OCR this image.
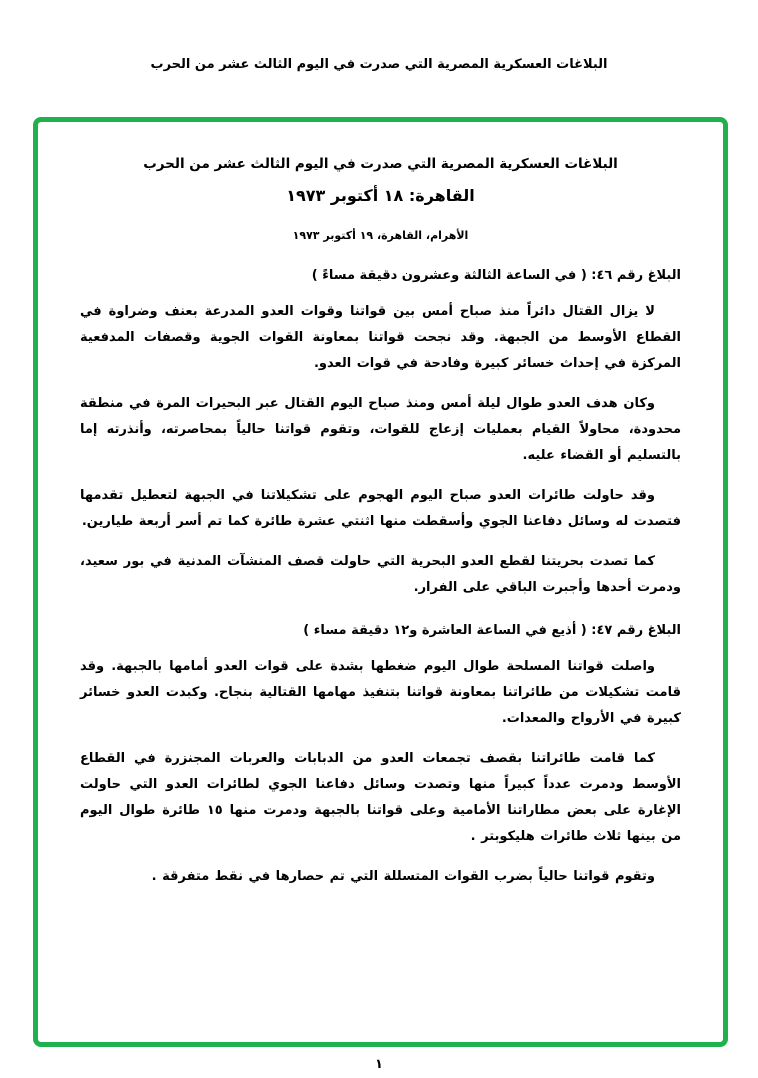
البلاغات العسكرية المصرية التي صدرت في اليوم الثالث عشر من الحرب
البلاغات العسكرية المصرية التي صدرت في اليوم الثالث عشر من الحرب
القاهرة: ١٨ أكتوبر ١٩٧٣
الأهرام، القاهرة، ١٩ أكتوبر ١٩٧٣
البلاغ رقم ٤٦: ( في الساعة الثالثة وعشرون دقيقة مساءً )

لا يزال القتال دائراً منذ صباح أمس بين قواتنا وقوات العدو المدرعة بعنف وضراوة في القطاع الأوسط من الجبهة. وقد نجحت قواتنا بمعاونة القوات الجوية وقصفات المدفعية المركزة في إحداث خسائر كبيرة وفادحة في قوات العدو.

وكان هدف العدو طوال ليلة أمس ومنذ صباح اليوم القتال عبر البحيرات المرة في منطقة محدودة، محاولاً القيام بعمليات إزعاج للقوات، وتقوم قواتنا حالياً بمحاصرته، وأنذرته إما بالتسليم أو القضاء عليه.

وقد حاولت طائرات العدو صباح اليوم الهجوم على تشكيلاتنا في الجبهة لتعطيل تقدمها فتصدت له وسائل دفاعنا الجوي وأسقطت منها اثنتي عشرة طائرة كما تم أسر أربعة طيارين.

كما تصدت بحريتنا لقطع العدو البحرية التي حاولت قصف المنشآت المدنية في بور سعيد، ودمرت أحدها وأجبرت الباقي على الفرار.

البلاغ رقم ٤٧: ( أذيع في الساعة العاشرة و١٢ دقيقة مساء )

واصلت قواتنا المسلحة طوال اليوم ضغطها بشدة على قوات العدو أمامها بالجبهة. وقد قامت تشكيلات من طائراتنا بمعاونة قواتنا بتنفيذ مهامها القتالية بنجاح. وكبدت العدو خسائر كبيرة في الأرواح والمعدات.

كما قامت طائراتنا بقصف تجمعات العدو من الدبابات والعربات المجنزرة في القطاع الأوسط ودمرت عدداً كبيراً منها وتصدت وسائل دفاعنا الجوي لطائرات العدو التي حاولت الإغارة على بعض مطاراتنا الأمامية وعلى قواتنا بالجبهة ودمرت منها ١٥ طائرة طوال اليوم من بينها ثلاث طائرات هليكوبتر .

وتقوم قواتنا حالياً بضرب القوات المتسللة التي تم حصارها في نقط متفرقة .

١
